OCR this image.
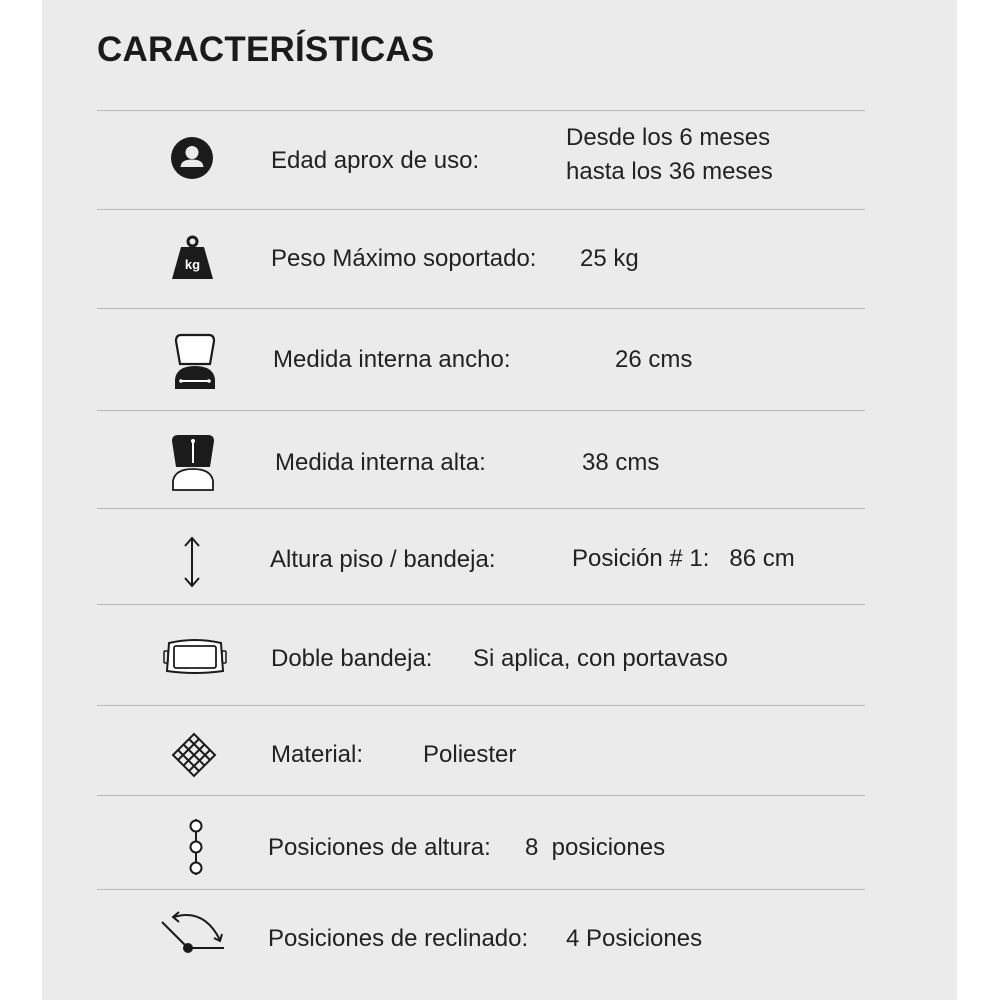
CARACTERÍSTICAS
Edad aprox de uso:
Desde los 6 meses
hasta los 36 meses
kg	Peso Máximo soportado: 25 kg
Medida interna ancho:	26 cms
Medida interna alta:	38 cms
Altura piso / bandeja:	Posición # 1:   86 cm
Doble bandeja: Si aplica, con portavaso
Material: Poliester
Posiciones de altura: 8  posiciones
Posiciones de reclinado: 4 Posiciones
